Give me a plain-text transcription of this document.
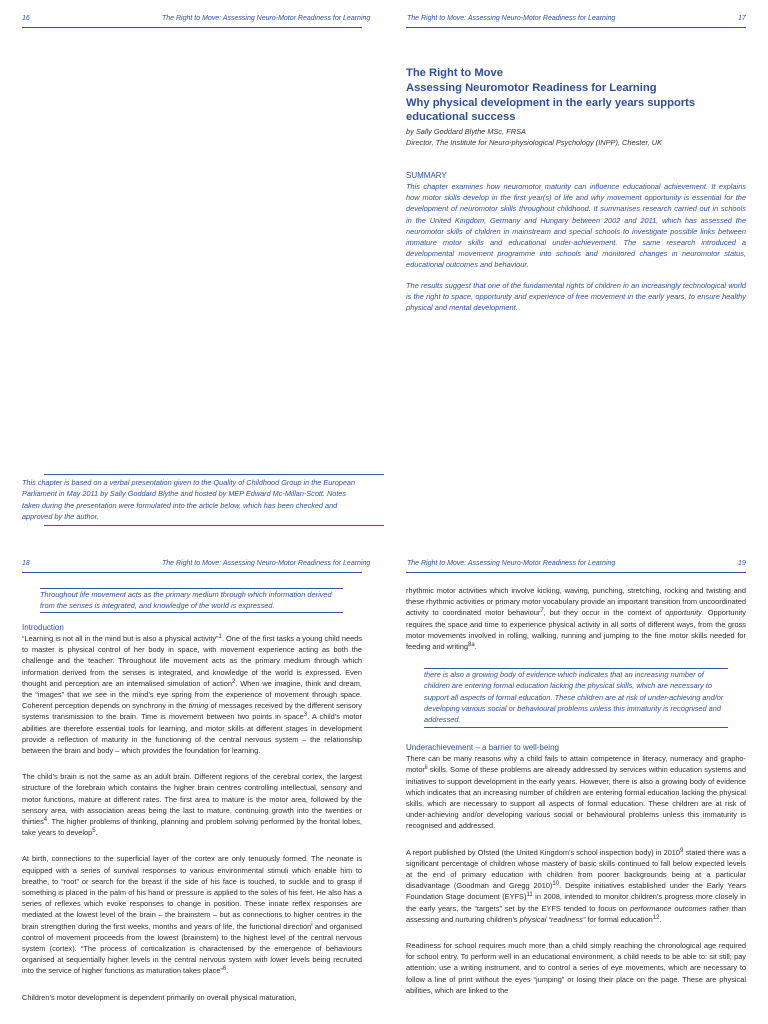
16	The Right to Move: Assessing Neuro-Motor Readiness for Learning

This chapter is based on a verbal presentation given to the Quality of Childhood Group in the European Parliament in May 2011 by Sally Goddard Blythe and hosted by MEP Edward Mc-Millan-Scott. Notes taken during the presentation were formulated into the article below, which has been checked and approved by the author.

The Right to Move: Assessing Neuro-Motor Readiness for Learning	17
The Right to Move
Assessing Neuromotor Readiness for Learning
Why physical development in the early years supports educational success
by Sally Goddard Blythe MSc, FRSA
Director, The Institute for Neuro-physiological Psychology (INPP), Chester, UK
SUMMARY

This chapter examines how neuromotor maturity can influence educational achievement. It explains how motor skills develop in the first year(s) of life and why movement opportunity is essential for the development of neuromotor skills throughout childhood. It summarises research carried out in schools in the United Kingdom, Germany and Hungary between 2002 and 2011, which has assessed the neuromotor skills of children in mainstream and special schools to investigate possible links between immature motor skills and educational under-achievement. The same research introduced a developmental movement programme into schools and monitored changes in neuromotor status, educational outcomes and behaviour.

The results suggest that one of the fundamental rights of children in an increasingly technological world is the right to space, opportunity and experience of free movement in the early years, to ensure healthy physical and mental development.

18	The Right to Move: Assessing Neuro-Motor Readiness for Learning

Throughout life movement acts as the primary medium through which information derived from the senses is integrated, and knowledge of the world is expressed.

Introduction

“Learning is not all in the mind but is also a physical activity”$^1$. One of the first tasks a young child needs to master is physical control of her body in space, with movement experience acting as both the challenge and the teacher. Throughout life movement acts as the primary medium through which information derived from the senses is integrated, and knowledge of the world is expressed. Even thought and perception are an internalised simulation of action$^2$. When we imagine, think and dream, the “images” that we see in the mind’s eye spring from the experience of movement through space. Coherent perception depends on synchrony in the timing of messages received by the different sensory systems transmission to the brain. Time is movement between two points in space$^3$. A child’s motor abilities are therefore essential tools for learning, and motor skills at different stages in development provide a reflection of maturity in the functioning of the central nervous system – the relationship between the brain and body – which provides the foundation for learning.

The child’s brain is not the same as an adult brain. Different regions of the cerebral cortex, the largest structure of the forebrain which contains the higher brain centres controlling intellectual, sensory and motor functions, mature at different rates. The first area to mature is the motor area, followed by the sensory area, with association areas being the last to mature, continuing growth into the twenties or thirties$^4$. The higher problems of thinking, planning and problem solving performed by the frontal lobes, take years to develop$^5$.

At birth, connections to the superficial layer of the cortex are only tenuously formed. The neonate is equipped with a series of survival responses to various environmental stimuli which enable him to breathe, to “root” or search for the breast if the side of his face is touched, to suckle and to grasp if something is placed in the palm of his hand or pressure is applied to the soles of his feet. He also has a series of reflexes which evoke responses to change in position. These innate reflex responses are mediated at the lowest level of the brain – the brainstem – but as connections to higher centres in the brain strengthen during the first weeks, months and years of life, the functional direction$^i$ and organised control of movement proceeds from the lowest (brainstem) to the highest level of the central nervous system (cortex). “The process of corticalization is characterised by the emergence of behaviours organised at sequentially higher levels in the central nervous system with lower levels being recruited into the service of higher functions as maturation takes place”$^6$.

Children’s motor development is dependent primarily on overall physical maturation,

The Right to Move: Assessing Neuro-Motor Readiness for Learning	19

rhythmic motor activities which involve kicking, waving, punching, stretching, rocking and twisting and these rhythmic activities or primary motor vocabulary provide an important transition from uncoordinated activity to coordinated motor behaviour$^7$, but they occur in the context of opportunity. Opportunity requires the space and time to experience physical activity in all sorts of different ways, from the gross motor movements involved in rolling, walking, running and jumping to the fine motor skills needed for feeding and writing$^{8a}$.

there is also a growing body of evidence which indicates that an increasing number of children are entering formal education lacking the physical skills, which are necessary to support all aspects of formal education. These children are at risk of under-achieving and/or developing various social or behavioural problems unless this immaturity is recognised and addressed.

Underachievement – a barrier to well-being

There can be many reasons why a child fails to attain competence in literacy, numeracy and grapho-motor$^{ii}$ skills. Some of these problems are already addressed by services within education systems and initiatives to support development in the early years. However, there is also a growing body of evidence which indicates that an increasing number of children are entering formal education lacking the physical skills, which are necessary to support all aspects of formal education. These children are at risk of under-achieving and/or developing various social or behavioural problems unless this immaturity is recognised and addressed.

A report published by Ofsted (the United Kingdom’s school inspection body) in 2010$^9$ stated there was a significant percentage of children whose mastery of basic skills continued to fall below expected levels at the end of primary education with children from poorer backgrounds being at a particular disadvantage (Goodman and Gregg 2010)$^{10}$. Despite initiatives established under the Early Years Foundation Stage document (EYFS)$^{11}$ in 2008, intended to monitor children’s progress more closely in the early years, the “targets” set by the EYFS tended to focus on performance outcomes rather than assessing and nurturing children’s physical “readiness” for formal education$^{12}$.

Readiness for school requires much more than a child simply reaching the chronological age required for school entry. To perform well in an educational environment, a child needs to be able to: sit still; pay attention; use a writing instrument, and to control a series of eye movements, which are necessary to follow a line of print without the eyes “jumping” or losing their place on the page. These are physical abilities, which are linked to the
